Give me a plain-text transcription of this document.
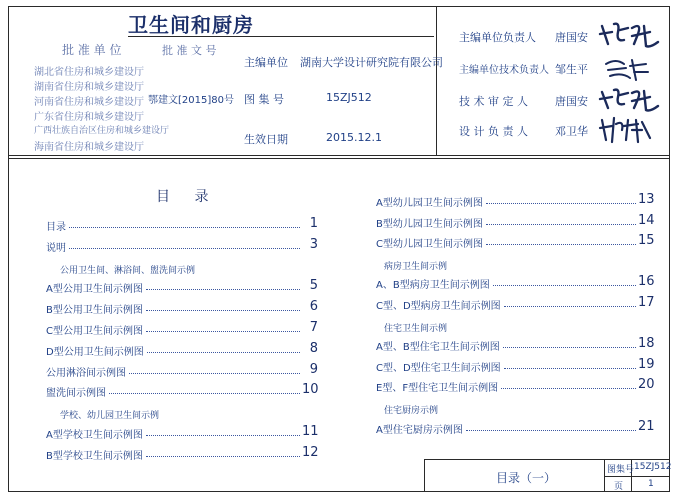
卫生间和厨房
批 准 单 位	批 准 文 号
主编单位 湖南大学设计研究院有限公司
鄂建文[2015]80号 图 集 号	15ZJ512
生效日期	2015.12.1
湖北省住房和城乡建设厅
湖南省住房和城乡建设厅
河南省住房和城乡建设厅
广东省住房和城乡建设厅
广西壮族自治区住房和城乡建设厅
海南省住房和城乡建设厅
主编单位负责人 唐国安
主编单位技术负责人 邹生平
技 术 审 定 人 唐国安
设 计 负 责 人 邓卫华
目 录
目录	1
说明	3
公用卫生间、淋浴间、盥洗间示例
A型公用卫生间示例图	5
B型公用卫生间示例图	6
C型公用卫生间示例图	7
D型公用卫生间示例图	8
公用淋浴间示例图	9
盥洗间示例图	10
学校、幼儿园卫生间示例
A型学校卫生间示例图	11
B型学校卫生间示例图	12
A型幼儿园卫生间示例图	13
B型幼儿园卫生间示例图	14
C型幼儿园卫生间示例图	15
病房卫生间示例
A、B型病房卫生间示例图	16
C型、D型病房卫生间示例图	17
住宅卫生间示例
A型、B型住宅卫生间示例图	18
C型、D型住宅卫生间示例图	19
E型、F型住宅卫生间示例图	20
住宅厨房示例
A型住宅厨房示例图	21
目录（一）
图集号 15ZJ512
页	1
